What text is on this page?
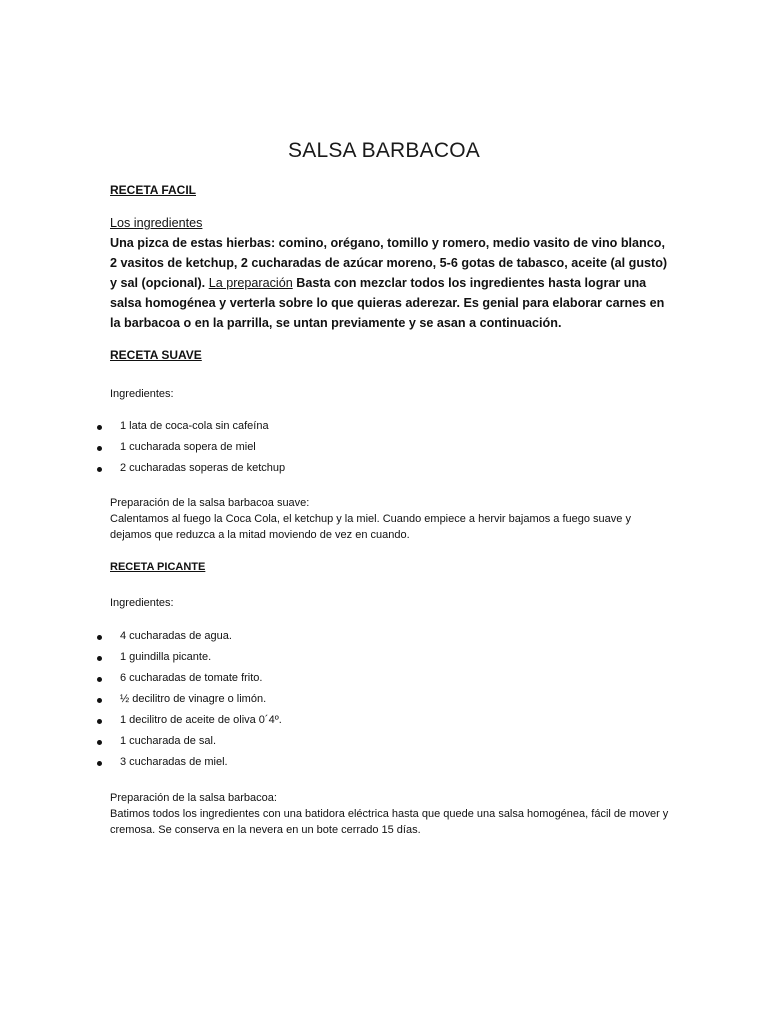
SALSA BARBACOA
RECETA FACIL
Los ingredientes
Una pizca de estas hierbas: comino, orégano, tomillo y romero, medio vasito de vino blanco, 2 vasitos de ketchup, 2 cucharadas de azúcar moreno, 5-6 gotas de tabasco, aceite (al gusto) y sal (opcional). La preparación Basta con mezclar todos los ingredientes hasta lograr una salsa homogénea y verterla sobre lo que quieras aderezar. Es genial para elaborar carnes en la barbacoa o en la parrilla, se untan previamente y se asan a continuación.
RECETA SUAVE
Ingredientes:
1 lata de coca-cola sin cafeína
1 cucharada sopera de miel
2 cucharadas soperas de ketchup
Preparación de la salsa barbacoa suave:
Calentamos al fuego la Coca Cola, el ketchup y la miel. Cuando empiece a hervir bajamos a fuego suave y dejamos que reduzca a la mitad moviendo de vez en cuando.
RECETA PICANTE
Ingredientes:
4 cucharadas de agua.
1 guindilla picante.
6 cucharadas de tomate frito.
½ decilitro de vinagre o limón.
1 decilitro de aceite de oliva 0´4º.
1 cucharada de sal.
3 cucharadas de miel.
Preparación de la salsa barbacoa:
Batimos todos los ingredientes con una batidora eléctrica hasta que quede una salsa homogénea, fácil de mover y cremosa. Se conserva en la nevera en un bote cerrado 15 días.
